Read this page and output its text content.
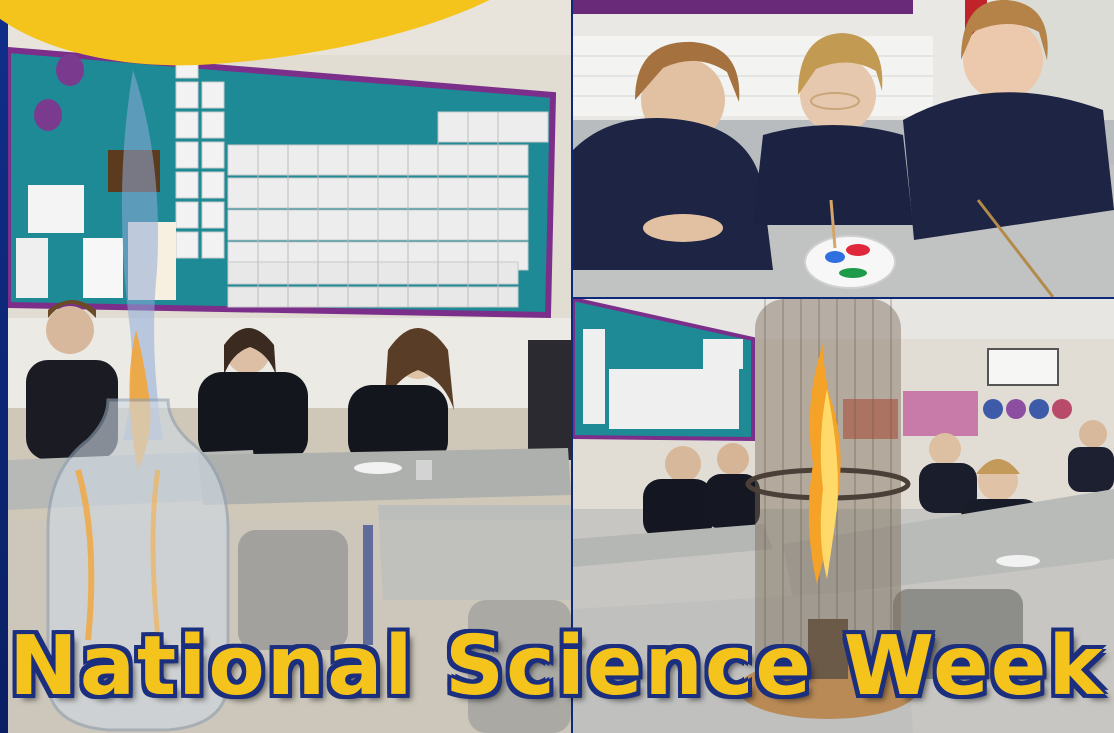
National Science Week
